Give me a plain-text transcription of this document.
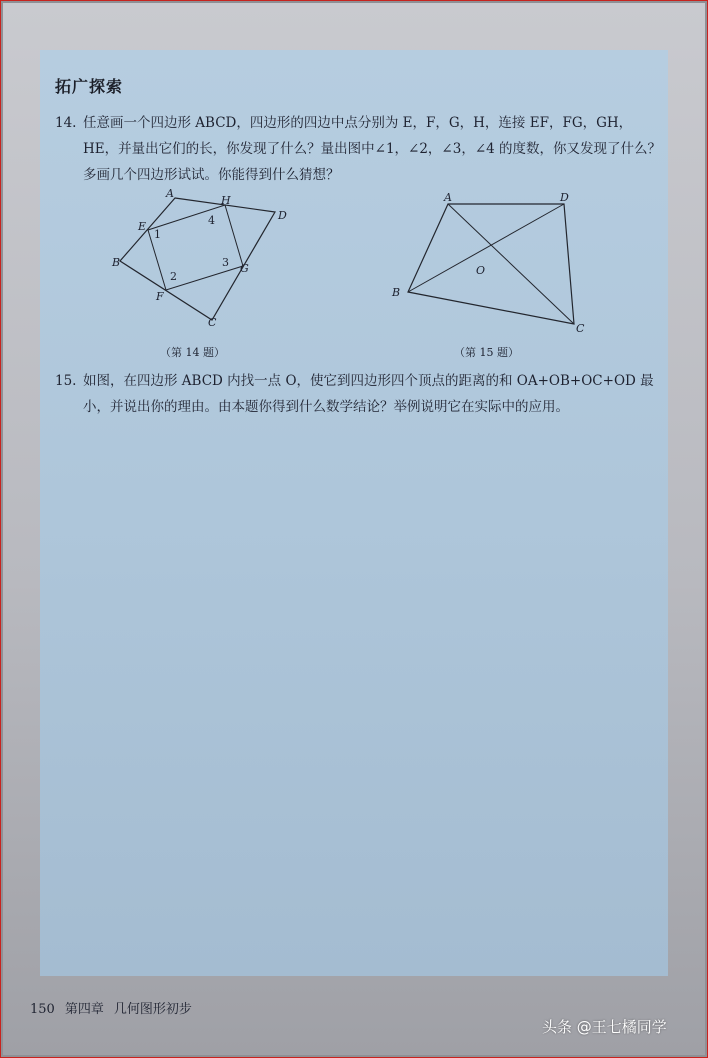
拓广探索
14. 任意画一个四边形 ABCD，四边形的四边中点分别为 E，F，G，H，连接 EF，FG，GH，HE，并量出它们的长，你发现了什么？量出图中∠1，∠2，∠3，∠4 的度数，你又发现了什么？多画几个四边形试试。你能得到什么猜想？
A
H
D
E
B
F
G
C
1
2
3
4
A	D
B
C
O
（第 14 题）	（第 15 题）
15. 如图，在四边形 ABCD 内找一点 O，使它到四边形四个顶点的距离的和 OA+OB+OC+OD 最小，并说出你的理由。由本题你得到什么数学结论？举例说明它在实际中的应用。
150 第四章 几何图形初步
头条 @王七橘同学
